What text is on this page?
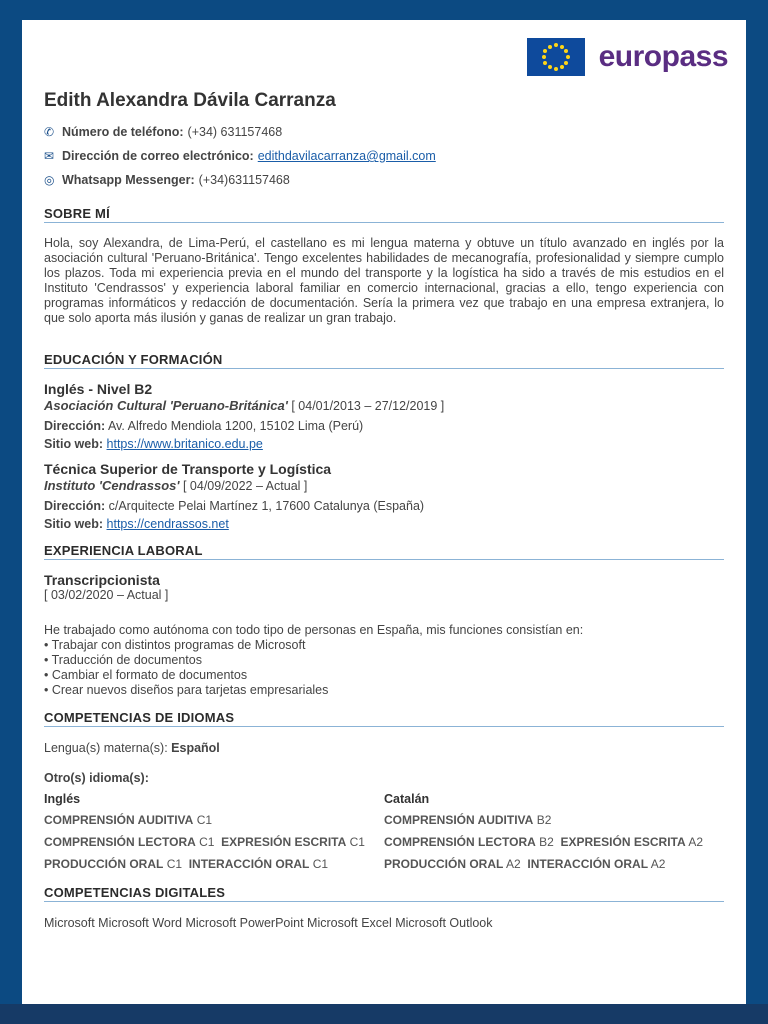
europass
Edith Alexandra Dávila Carranza
✆ Número de teléfono: (+34) 631157468
✉ Dirección de correo electrónico: edithdavilacarranza@gmail.com
◎ Whatsapp Messenger: (+34)631157468
SOBRE MÍ
Hola, soy Alexandra, de Lima-Perú, el castellano es mi lengua materna y obtuve un título avanzado en inglés por la asociación cultural 'Peruano-Británica'. Tengo excelentes habilidades de mecanografía, profesionalidad y siempre cumplo los plazos. Toda mi experiencia previa en el mundo del transporte y la logística ha sido a través de mis estudios en el Instituto 'Cendrassos' y experiencia laboral familiar en comercio internacional, gracias a ello, tengo experiencia con programas informáticos y redacción de documentación. Sería la primera vez que trabajo en una empresa extranjera, lo que solo aporta más ilusión y ganas de realizar un gran trabajo.
EDUCACIÓN Y FORMACIÓN
Inglés - Nivel B2
Asociación Cultural 'Peruano-Británica' [ 04/01/2013 – 27/12/2019 ]
Dirección: Av. Alfredo Mendiola 1200, 15102 Lima (Perú)
Sitio web: https://www.britanico.edu.pe
Técnica Superior de Transporte y Logística
Instituto 'Cendrassos' [ 04/09/2022 – Actual ]
Dirección: c/Arquitecte Pelai Martínez 1, 17600 Catalunya (España)
Sitio web: https://cendrassos.net
EXPERIENCIA LABORAL
Transcripcionista
[ 03/02/2020 – Actual ]
He trabajado como autónoma con todo tipo de personas en España, mis funciones consistían en:
• Trabajar con distintos programas de Microsoft
• Traducción de documentos
• Cambiar el formato de documentos
• Crear nuevos diseños para tarjetas empresariales
COMPETENCIAS DE IDIOMAS
Lengua(s) materna(s): Español
Otro(s) idioma(s):
Inglés
COMPRENSIÓN AUDITIVA C1
COMPRENSIÓN LECTORA C1 EXPRESIÓN ESCRITA C1
PRODUCCIÓN ORAL C1 INTERACCIÓN ORAL C1
Catalán
COMPRENSIÓN AUDITIVA B2
COMPRENSIÓN LECTORA B2 EXPRESIÓN ESCRITA A2
PRODUCCIÓN ORAL A2 INTERACCIÓN ORAL A2
COMPETENCIAS DIGITALES
Microsoft Microsoft Word Microsoft PowerPoint Microsoft Excel Microsoft Outlook
